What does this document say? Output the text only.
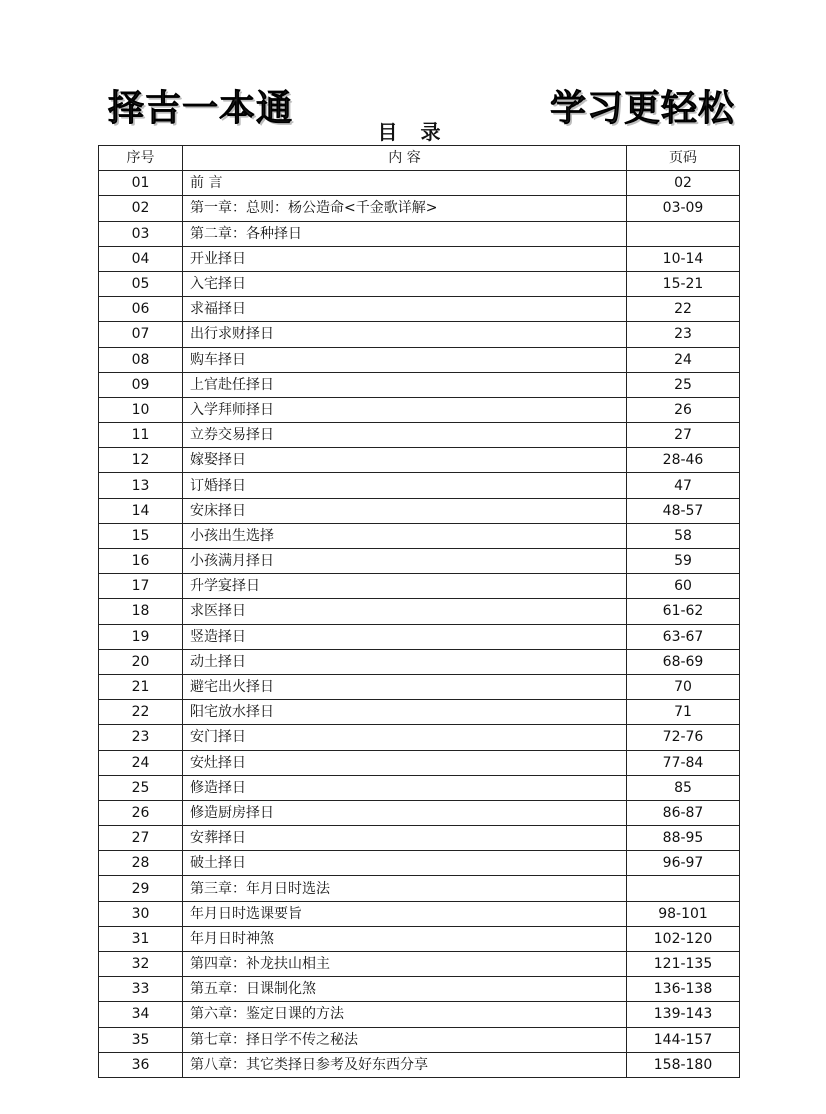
择吉一本通	学习更轻松
目 录
序号	内 容	页码
01	前 言	02
02	第一章：总则：杨公造命<千金歌详解>	03-09
03	第二章：各种择日	
04	开业择日	10-14
05	入宅择日	15-21
06	求福择日	22
07	出行求财择日	23
08	购车择日	24
09	上官赴任择日	25
10	入学拜师择日	26
11	立券交易择日	27
12	嫁娶择日	28-46
13	订婚择日	47
14	安床择日	48-57
15	小孩出生选择	58
16	小孩满月择日	59
17	升学宴择日	60
18	求医择日	61-62
19	竖造择日	63-67
20	动土择日	68-69
21	避宅出火择日	70
22	阳宅放水择日	71
23	安门择日	72-76
24	安灶择日	77-84
25	修造择日	85
26	修造厨房择日	86-87
27	安葬择日	88-95
28	破土择日	96-97
29	第三章：年月日时选法	
30	年月日时选课要旨	98-101
31	年月日时神煞	102-120
32	第四章：补龙扶山相主	121-135
33	第五章：日课制化煞	136-138
34	第六章：鉴定日课的方法	139-143
35	第七章：择日学不传之秘法	144-157
36	第八章：其它类择日参考及好东西分享	158-180
